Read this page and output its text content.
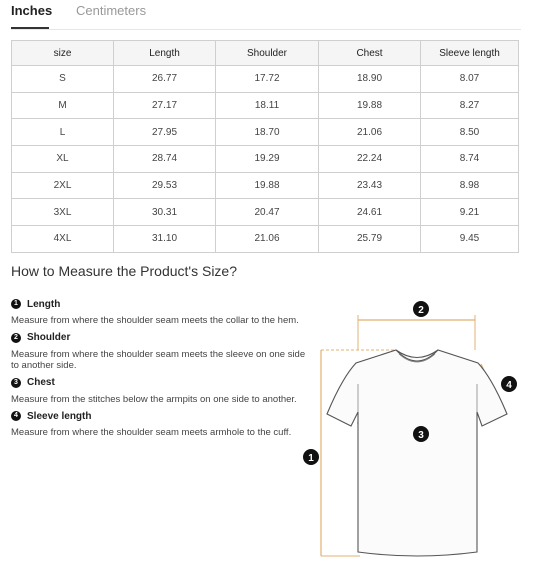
Inches Centimeters
size	Length	Shoulder	Chest	Sleeve length
S	26.77	17.72	18.90	8.07
M	27.17	18.11	19.88	8.27
L	27.95	18.70	21.06	8.50
XL	28.74	19.29	22.24	8.74
2XL	29.53	19.88	23.43	8.98
3XL	30.31	20.47	24.61	9.21
4XL	31.10	21.06	25.79	9.45
How to Measure the Product's Size?
1 Length
Measure from where the shoulder seam meets the collar to the hem.
2 Shoulder
Measure from where the shoulder seam meets the sleeve on one side to another side.
3 Chest
Measure from the stitches below the armpits on one side to another.
4 Sleeve length
Measure from where the shoulder seam meets armhole to the cuff.
2
4
3
1
